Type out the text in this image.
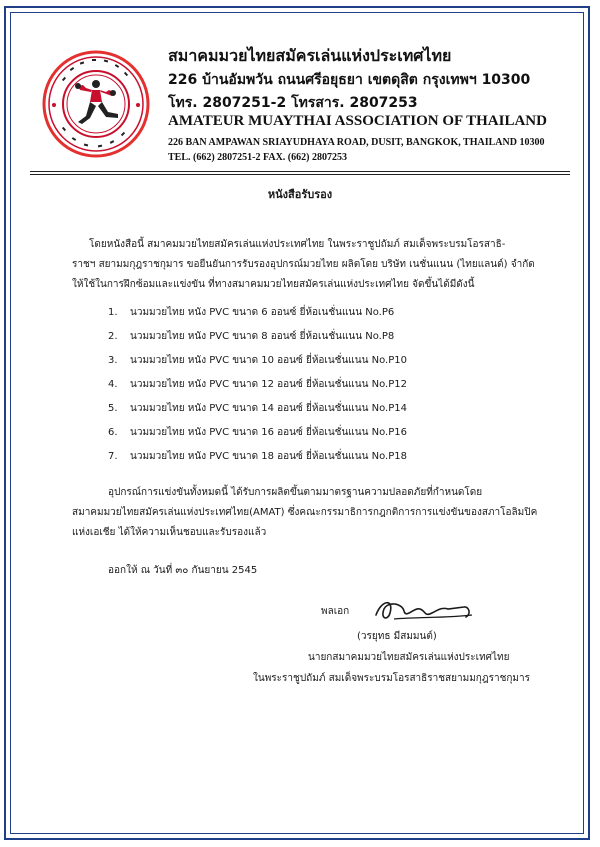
สมาคมมวยไทยสมัครเล่นแห่งประเทศไทย
226 บ้านอัมพวัน ถนนศรีอยุธยา เขตดุสิต กรุงเทพฯ 10300
โทร. 2807251-2 โทรสาร. 2807253
AMATEUR MUAYTHAI ASSOCIATION OF THAILAND
226 BAN AMPAWAN SRIAYUDHAYA ROAD, DUSIT, BANGKOK, THAILAND 10300
TEL. (662) 2807251-2 FAX. (662) 2807253
หนังสือรับรอง
โดยหนังสือนี้ สมาคมมวยไทยสมัครเล่นแห่งประเทศไทย ในพระราชูปถัมภ์ สมเด็จพระบรมโอรสาธิ-
ราชฯ สยามมกุฎราชกุมาร ขอยืนยันการรับรองอุปกรณ์มวยไทย ผลิตโดย บริษัท เนชั่นแนน (ไทยแลนด์) จำกัด
ให้ใช้ในการฝึกซ้อมและแข่งขัน ที่ทางสมาคมมวยไทยสมัครเล่นแห่งประเทศไทย จัดขึ้นได้มีดังนี้
1. นวมมวยไทย หนัง PVC ขนาด 6 ออนซ์ ยี่ห้อเนชั่นแนน No.P6
2. นวมมวยไทย หนัง PVC ขนาด 8 ออนซ์ ยี่ห้อเนชั่นแนน No.P8
3. นวมมวยไทย หนัง PVC ขนาด 10 ออนซ์ ยี่ห้อเนชั่นแนน No.P10
4. นวมมวยไทย หนัง PVC ขนาด 12 ออนซ์ ยี่ห้อเนชั่นแนน No.P12
5. นวมมวยไทย หนัง PVC ขนาด 14 ออนซ์ ยี่ห้อเนชั่นแนน No.P14
6. นวมมวยไทย หนัง PVC ขนาด 16 ออนซ์ ยี่ห้อเนชั่นแนน No.P16
7. นวมมวยไทย หนัง PVC ขนาด 18 ออนซ์ ยี่ห้อเนชั่นแนน No.P18
อุปกรณ์การแข่งขันทั้งหมดนี้ ได้รับการผลิตขึ้นตามมาตรฐานความปลอดภัยที่กำหนดโดย
สมาคมมวยไทยสมัครเล่นแห่งประเทศไทย(AMAT) ซึ่งคณะกรรมาธิการกฎกติการการแข่งขันของสภาโอลิมปิค
แห่งเอเชีย ได้ให้ความเห็นชอบและรับรองแล้ว
ออกให้ ณ วันที่ ๓๐ กันยายน 2545
พลเอก
(วรยุทธ มีสมมนต์)
นายกสมาคมมวยไทยสมัครเล่นแห่งประเทศไทย
ในพระราชูปถัมภ์ สมเด็จพระบรมโอรสาธิราชสยามมกุฎราชกุมาร
